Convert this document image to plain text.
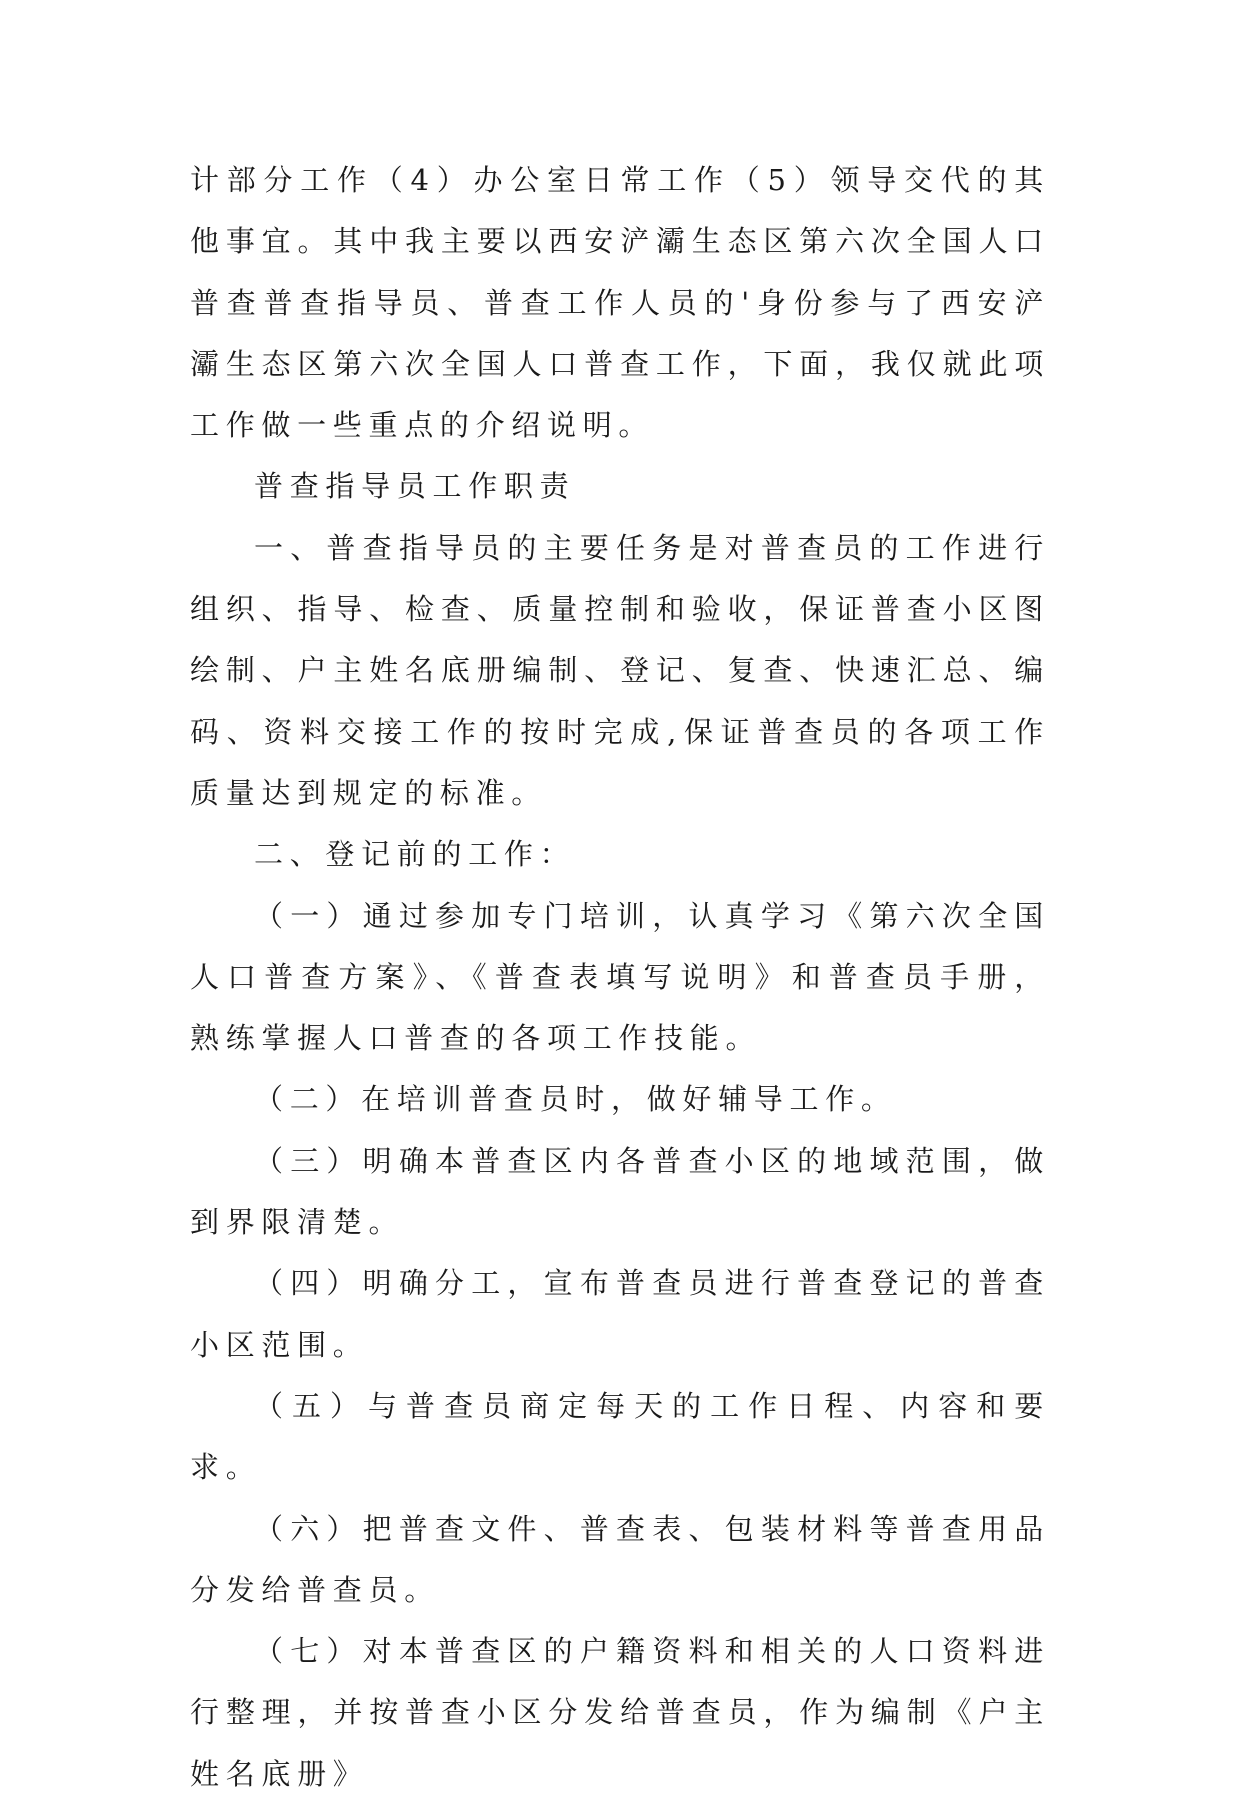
计部分工作（4）办公室日常工作（5）领导交代的其他事宜。其中我主要以西安浐灞生态区第六次全国人口普查普查指导员、普查工作人员的'身份参与了西安浐灞生态区第六次全国人口普查工作，下面，我仅就此项工作做一些重点的介绍说明。

普查指导员工作职责

一、普查指导员的主要任务是对普查员的工作进行组织、指导、检查、质量控制和验收，保证普查小区图绘制、户主姓名底册编制、登记、复查、快速汇总、编码、资料交接工作的按时完成,保证普查员的各项工作质量达到规定的标准。

二、登记前的工作：

（一）通过参加专门培训，认真学习《第六次全国人口普查方案》、《普查表填写说明》和普查员手册，熟练掌握人口普查的各项工作技能。

（二）在培训普查员时，做好辅导工作。

（三）明确本普查区内各普查小区的地域范围，做到界限清楚。

（四）明确分工，宣布普查员进行普查登记的普查小区范围。

（五）与普查员商定每天的工作日程、内容和要求。

（六）把普查文件、普查表、包装材料等普查用品分发给普查员。

（七）对本普查区的户籍资料和相关的人口资料进行整理，并按普查小区分发给普查员，作为编制《户主姓名底册》
